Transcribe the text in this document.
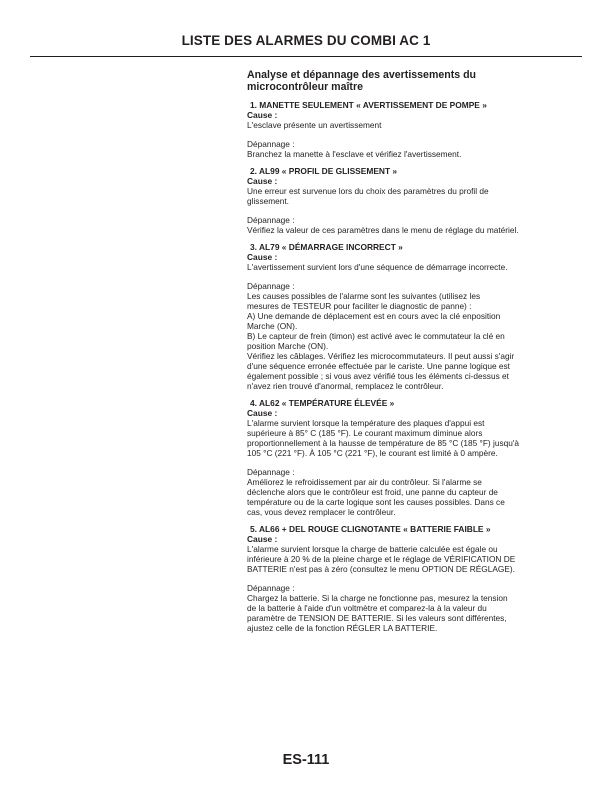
LISTE DES ALARMES DU COMBI AC 1
Analyse et dépannage des avertissements du
microcontrôleur maître
1. MANETTE SEULEMENT « AVERTISSEMENT DE POMPE »
Cause :
L'esclave présente un avertissement
Dépannage :
Branchez la manette à l'esclave et vérifiez l'avertissement.
2. AL99 « PROFIL DE GLISSEMENT »
Cause :
Une erreur est survenue lors du choix des paramètres du profil de
glissement.
Dépannage :
Vérifiez la valeur de ces paramètres dans le menu de réglage du matériel.
3. AL79 « DÉMARRAGE INCORRECT »
Cause :
L'avertissement survient lors d'une séquence de démarrage incorrecte.
Dépannage :
Les causes possibles de l'alarme sont les suivantes (utilisez les
mesures de TESTEUR pour faciliter le diagnostic de panne) :
A) Une demande de déplacement est en cours avec la clé enposition
Marche (ON).
B) Le capteur de frein (timon) est activé avec le commutateur la clé en
position Marche (ON).
Vérifiez les câblages. Vérifiez les microcommutateurs. Il peut aussi s'agir
d'une séquence erronée effectuée par le cariste. Une panne logique est
également possible ; si vous avez vérifié tous les éléments ci-dessus et
n'avez rien trouvé d'anormal, remplacez le contrôleur.
4. AL62 « TEMPÉRATURE ÉLEVÉE »
Cause :
L'alarme survient lorsque la température des plaques d'appui est
supérieure à 85° C (185 °F). Le courant maximum diminue alors
proportionnellement à la hausse de température de 85 °C (185 °F) jusqu'à
105 °C (221 °F). À 105 °C (221 °F), le courant est limité à 0 ampère.
Dépannage :
Améliorez le refroidissement par air du contrôleur. Si l'alarme se
déclenche alors que le contrôleur est froid, une panne du capteur de
température ou de la carte logique sont les causes possibles. Dans ce
cas, vous devez remplacer le contrôleur.
5. AL66 + DEL ROUGE CLIGNOTANTE « BATTERIE FAIBLE »
Cause :
L'alarme survient lorsque la charge de batterie calculée est égale ou
inférieure à 20 % de la pleine charge et le réglage de VÉRIFICATION DE
BATTERIE n'est pas à zéro (consultez le menu OPTION DE RÉGLAGE).
Dépannage :
Chargez la batterie. Si la charge ne fonctionne pas, mesurez la tension
de la batterie à l'aide d'un voltmètre et comparez-la à la valeur du
paramètre de TENSION DE BATTERIE. Si les valeurs sont différentes,
ajustez celle de la fonction RÉGLER LA BATTERIE.
ES-111
